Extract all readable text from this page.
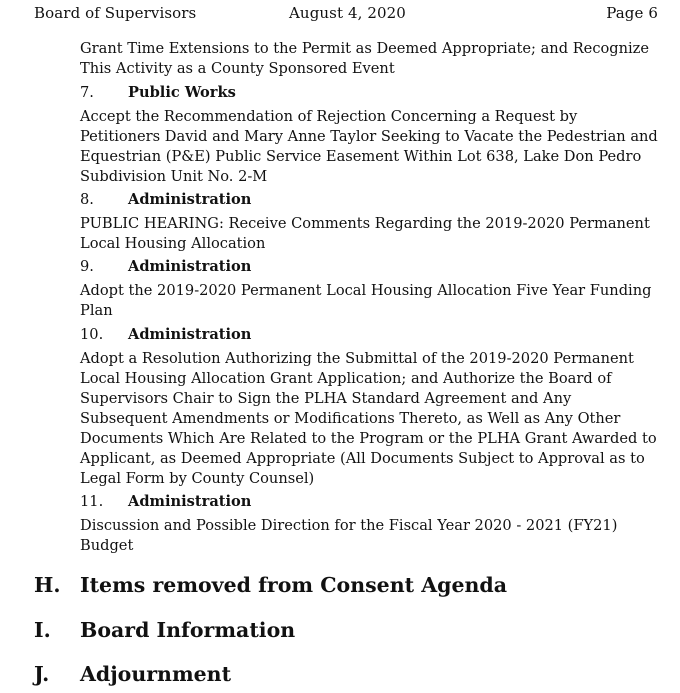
Board of Supervisors	August 4, 2020	Page 6
Grant Time Extensions to the Permit as Deemed Appropriate; and Recognize This Activity as a County Sponsored Event
7. Public Works
Accept the Recommendation of Rejection Concerning a Request by Petitioners David and Mary Anne Taylor Seeking to Vacate the Pedestrian and Equestrian (P&E) Public Service Easement Within Lot 638, Lake Don Pedro Subdivision Unit No. 2-M
8. Administration
PUBLIC HEARING: Receive Comments Regarding the 2019-2020 Permanent Local Housing Allocation
9. Administration
Adopt the 2019-2020 Permanent Local Housing Allocation Five Year Funding Plan
10. Administration
Adopt a Resolution Authorizing the Submittal of the 2019-2020 Permanent Local Housing Allocation Grant Application; and Authorize the Board of Supervisors Chair to Sign the PLHA Standard Agreement and Any Subsequent Amendments or Modifications Thereto, as Well as Any Other Documents Which Are Related to the Program or the PLHA Grant Awarded to Applicant, as Deemed Appropriate (All Documents Subject to Approval as to Legal Form by County Counsel)
11. Administration
Discussion and Possible Direction for the Fiscal Year 2020 - 2021 (FY21) Budget
H. Items removed from Consent Agenda
I. Board Information
J. Adjournment
